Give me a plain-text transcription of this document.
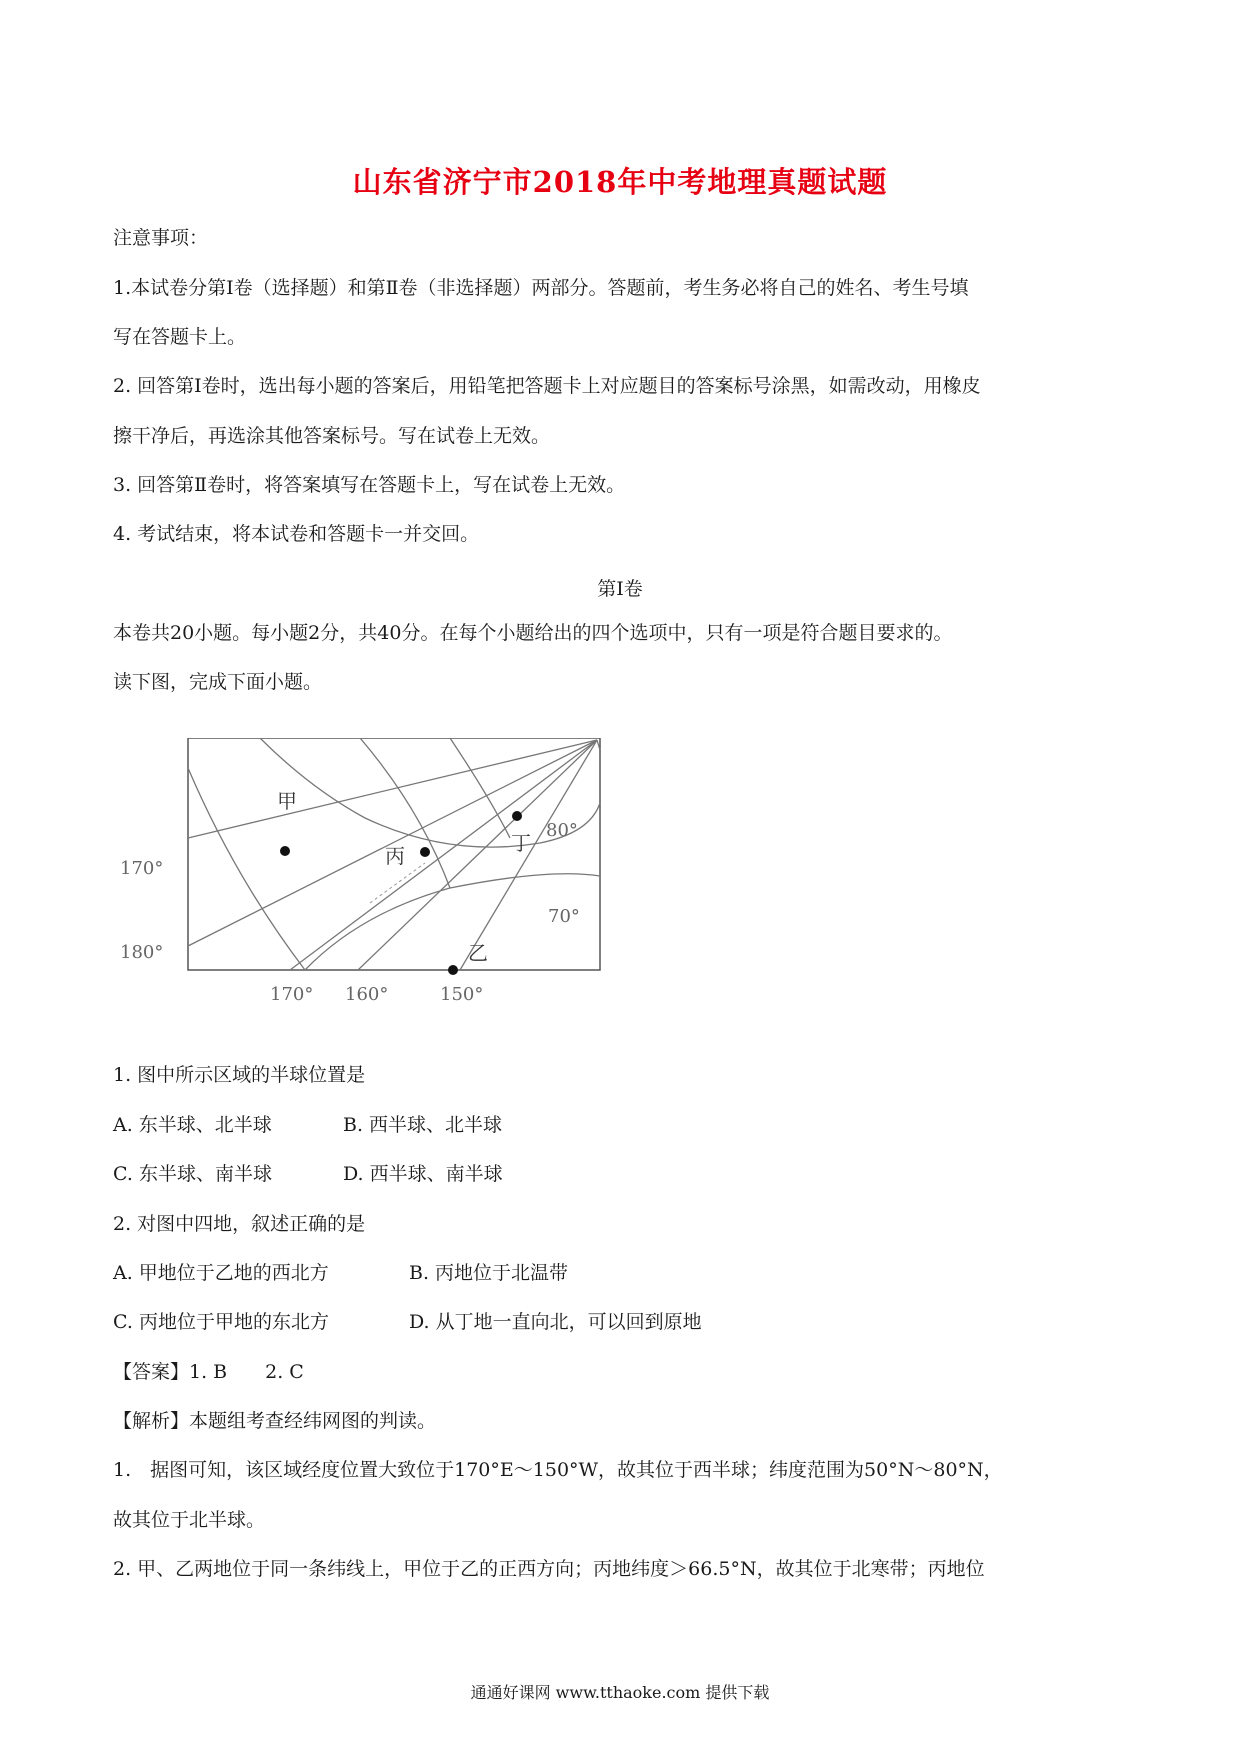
山东省济宁市2018年中考地理真题试题
注意事项：
1.本试卷分第Ⅰ卷（选择题）和第Ⅱ卷（非选择题）两部分。答题前，考生务必将自己的姓名、考生号填
写在答题卡上。
2. 回答第Ⅰ卷时，选出每小题的答案后，用铅笔把答题卡上对应题目的答案标号涂黑，如需改动，用橡皮
擦干净后，再选涂其他答案标号。写在试卷上无效。
3. 回答第Ⅱ卷时，将答案填写在答题卡上，写在试卷上无效。
4. 考试结束，将本试卷和答题卡一并交回。
第Ⅰ卷
本卷共20小题。每小题2分，共40分。在每个小题给出的四个选项中，只有一项是符合题目要求的。
读下图，完成下面小题。
甲
丙
丁
乙
80°
70°
170°
180°
170° 160°	150°
1. 图中所示区域的半球位置是
A. 东半球、北半球	B. 西半球、北半球
C. 东半球、南半球	D. 西半球、南半球
2. 对图中四地，叙述正确的是
A. 甲地位于乙地的西北方	B. 丙地位于北温带
C. 丙地位于甲地的东北方	D. 从丁地一直向北，可以回到原地
【答案】1. B　　2. C
【解析】本题组考查经纬网图的判读。
1.　据图可知，该区域经度位置大致位于170°E～150°W，故其位于西半球；纬度范围为50°N～80°N，
故其位于北半球。
2. 甲、乙两地位于同一条纬线上，甲位于乙的正西方向；丙地纬度＞66.5°N，故其位于北寒带；丙地位
通通好课网 www.tthaoke.com 提供下载
